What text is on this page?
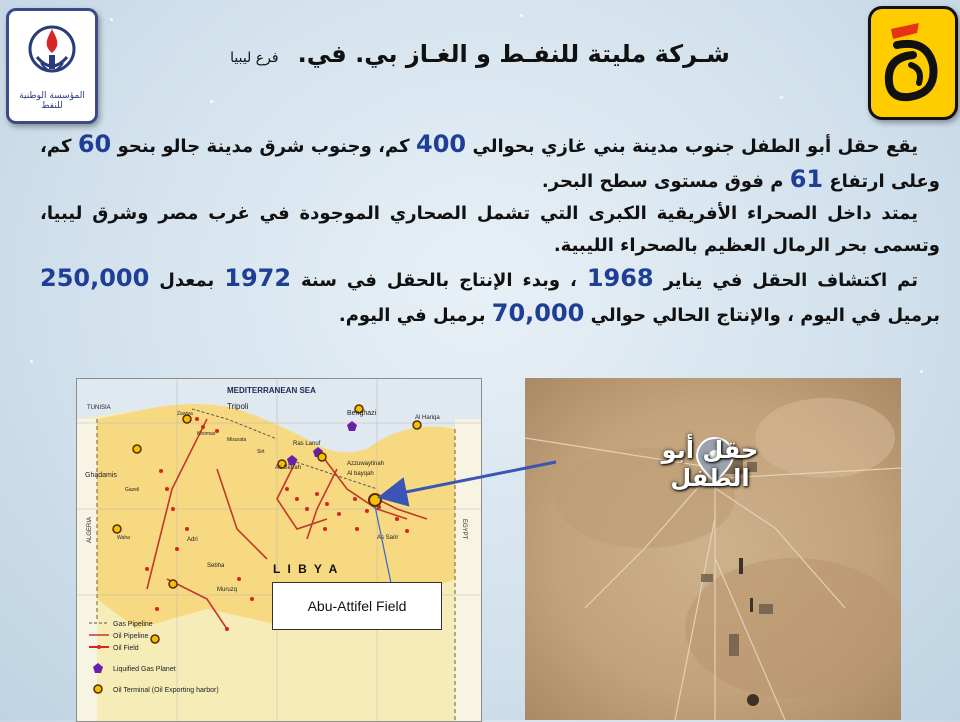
المؤسسة الوطنية للنفط
شـركة مليتة للنفـط و الغـاز بي. في. فرع ليبيا

يقع حقل أبو الطفل جنوب مدينة بني غازي بحوالي 400 كم، وجنوب شرق مدينة جالو بنحو 60 كم، وعلى ارتفاع 61 م فوق مستوى سطح البحر.

يمتد داخل الصحراء الأفريقية الكبرى التي تشمل الصحاري الموجودة في غرب مصر وشرق ليبيا، وتسمى بحر الرمال العظيم بالصحراء الليبية.

تم اكتشاف الحقل في يناير 1968 ، وبدء الإنتاج بالحقل في سنة 1972 بمعدل 250,000 برميل في اليوم ، والإنتاج الحالي حوالي 70,000 برميل في اليوم.

MEDITERRANEAN SEA
Tripoli
TUNISIA
Zawiya
Khomas
Misurata
Sirt
Benghazi
Ras Lanuf
As Sidrah
Azzuwaytinah
Al bayqah
Al Hariqa
Ghadamis
Gazeil
Waha	Adri
Sebha
Muruzq
As Sarir
L I B Y A
ALGERIA	EGYPT
Gas Pipeline
Oil Pipeline
Oil Field
Liquified Gas Planet
Oil Terminal (Oil Exporting harbor)
Abu-Attifel Field
حقل أبو الطفل
